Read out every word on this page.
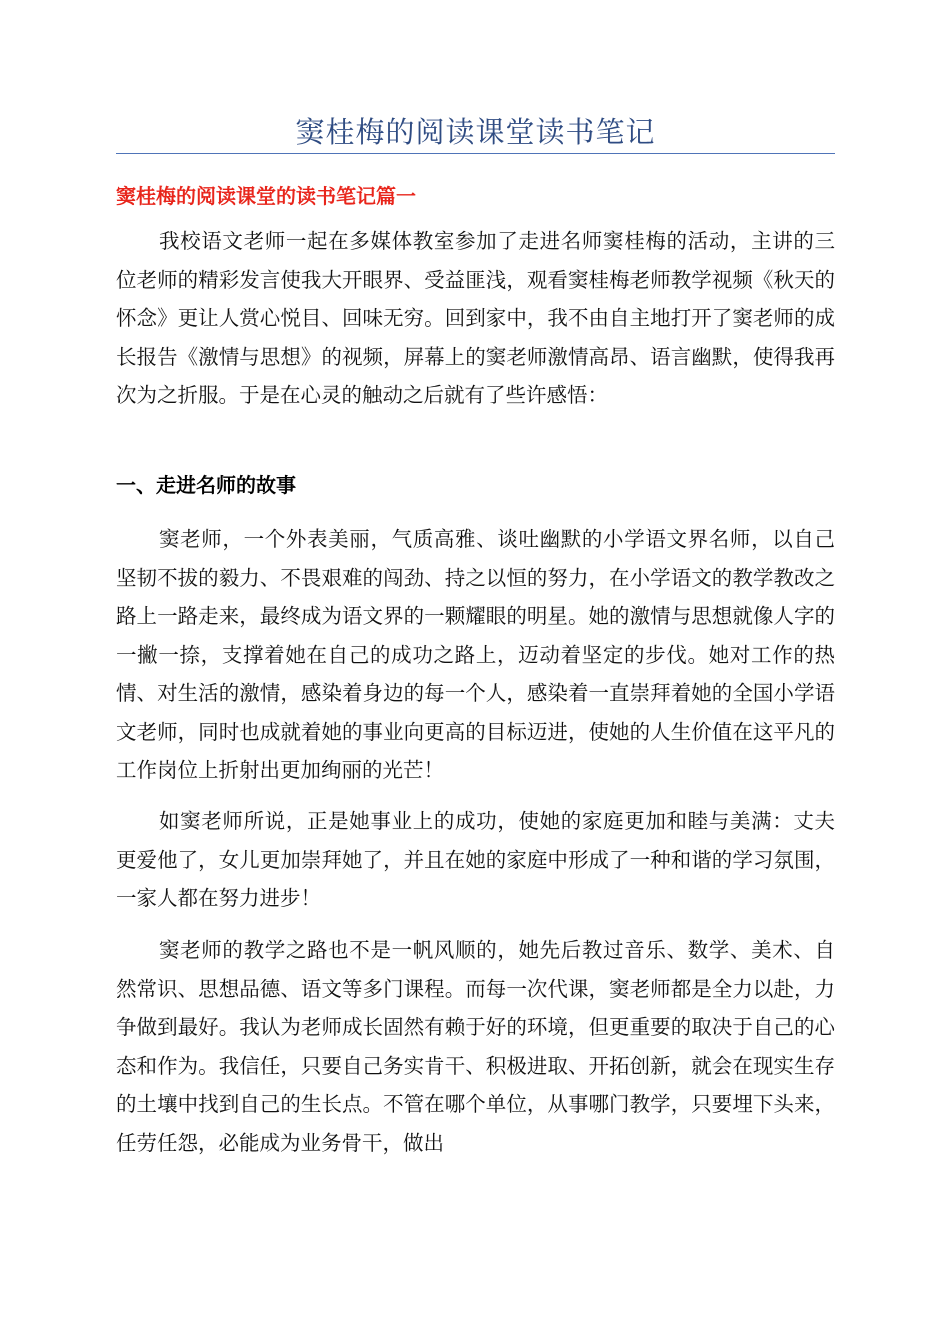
窦桂梅的阅读课堂读书笔记
窦桂梅的阅读课堂的读书笔记篇一

我校语文老师一起在多媒体教室参加了走进名师窦桂梅的活动，主讲的三位老师的精彩发言使我大开眼界、受益匪浅，观看窦桂梅老师教学视频《秋天的怀念》更让人赏心悦目、回味无穷。回到家中，我不由自主地打开了窦老师的成长报告《激情与思想》的视频，屏幕上的窦老师激情高昂、语言幽默，使得我再次为之折服。于是在心灵的触动之后就有了些许感悟：

一、走进名师的故事

窦老师，一个外表美丽，气质高雅、谈吐幽默的小学语文界名师，以自己坚韧不拔的毅力、不畏艰难的闯劲、持之以恒的努力，在小学语文的教学教改之路上一路走来，最终成为语文界的一颗耀眼的明星。她的激情与思想就像人字的一撇一捺，支撑着她在自己的成功之路上，迈动着坚定的步伐。她对工作的热情、对生活的激情，感染着身边的每一个人，感染着一直崇拜着她的全国小学语文老师，同时也成就着她的事业向更高的目标迈进，使她的人生价值在这平凡的工作岗位上折射出更加绚丽的光芒！

如窦老师所说，正是她事业上的成功，使她的家庭更加和睦与美满：丈夫更爱他了，女儿更加崇拜她了，并且在她的家庭中形成了一种和谐的学习氛围，一家人都在努力进步！

窦老师的教学之路也不是一帆风顺的，她先后教过音乐、数学、美术、自然常识、思想品德、语文等多门课程。而每一次代课，窦老师都是全力以赴，力争做到最好。我认为老师成长固然有赖于好的环境，但更重要的取决于自己的心态和作为。我信任，只要自己务实肯干、积极进取、开拓创新，就会在现实生存的土壤中找到自己的生长点。不管在哪个单位，从事哪门教学，只要埋下头来，任劳任怨，必能成为业务骨干，做出
